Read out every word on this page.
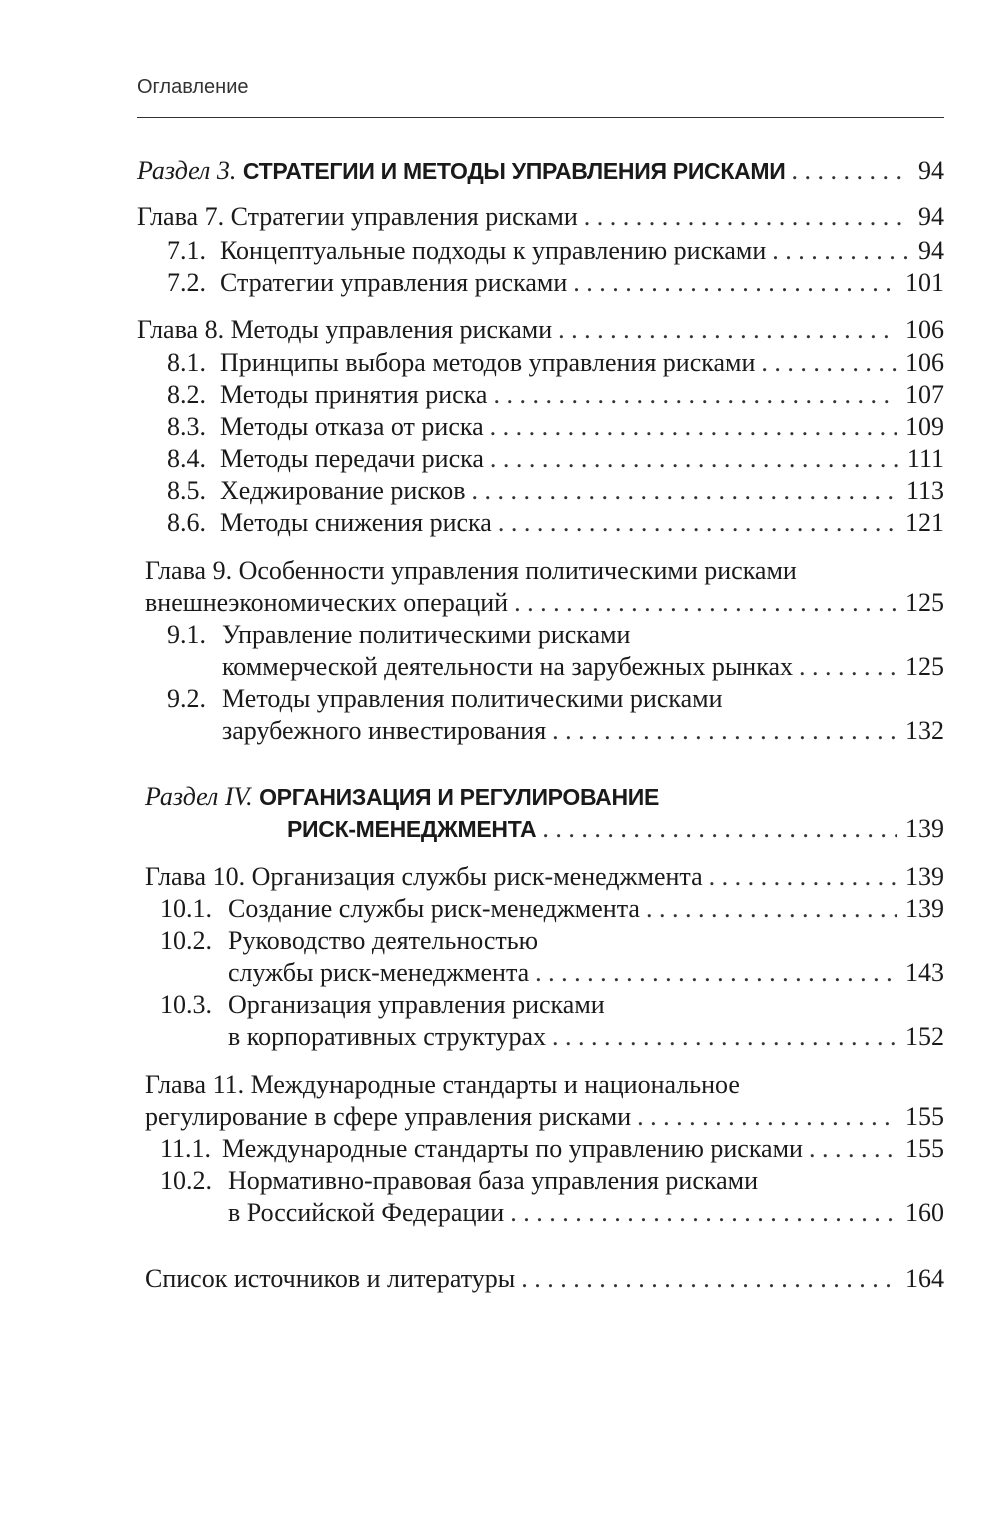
Оглавление
Раздел 3. СТРАТЕГИИ И МЕТОДЫ УПРАВЛЕНИЯ РИСКАМИ . . .	94
Глава 7. Стратегии управления рисками . . .	94
7.1. Концептуальные подходы к управлению рисками . . .	94
7.2. Стратегии управления рисками . . .	101
Глава 8. Методы управления рисками . . .	106
8.1. Принципы выбора методов управления рисками . . .	106
8.2. Методы принятия риска . . .	107
8.3. Методы отказа от риска . . .	109
8.4. Методы передачи риска . . .	111
8.5. Хеджирование рисков . . .	113
8.6. Методы снижения риска . . .	121
Глава 9. Особенности управления политическими рисками
внешнеэкономических операций . . .	125
9.1. Управление политическими рисками
коммерческой деятельности на зарубежных рынках . . .	125
9.2. Методы управления политическими рисками
зарубежного инвестирования . . .	132
Раздел IV. ОРГАНИЗАЦИЯ И РЕГУЛИРОВАНИЕ
РИСК-МЕНЕДЖМЕНТА . . .	139
Глава 10. Организация службы риск-менеджмента . . .	139
10.1. Создание службы риск-менеджмента . . .	139
10.2. Руководство деятельностью
службы риск-менеджмента . . .	143
10.3. Организация управления рисками
в корпоративных структурах . . .	152
Глава 11. Международные стандарты и национальное
регулирование в сфере управления рисками . . .	155
11.1. Международные стандарты по управлению рисками . . .	155
10.2. Нормативно-правовая база управления рисками
в Российской Федерации . . .	160
Список источников и литературы . . .	164
